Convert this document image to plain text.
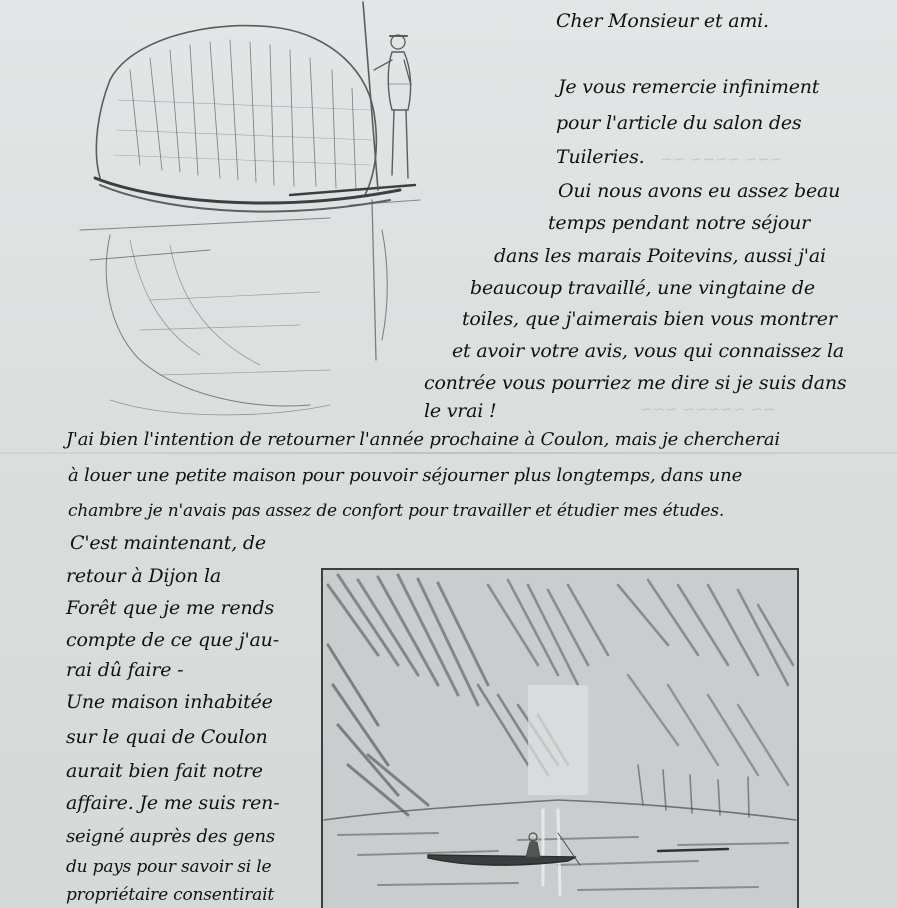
~~~ ~~~~ ~~
~~ ~~~~~ ~~~

Cher Monsieur et ami.

Je vous remercie infiniment

pour l'article du salon des

Tuileries.

Oui nous avons eu assez beau

temps pendant notre séjour

dans les marais Poitevins, aussi j'ai

beaucoup travaillé, une vingtaine de

toiles, que j'aimerais bien vous montrer

et avoir votre avis, vous qui connaissez la

contrée vous pourriez me dire si je suis dans

le vrai !

J'ai bien l'intention de retourner l'année prochaine à Coulon, mais je chercherai

à louer une petite maison pour pouvoir séjourner plus longtemps, dans une

chambre je n'avais pas assez de confort pour travailler et étudier mes études.

C'est maintenant, de

retour à Dijon la

Forêt que je me rends

compte de ce que j'au-

rai dû faire -

Une maison inhabitée

sur le quai de Coulon

aurait bien fait notre

affaire. Je me suis ren-

seigné auprès des gens

du pays pour savoir si le

propriétaire consentirait
